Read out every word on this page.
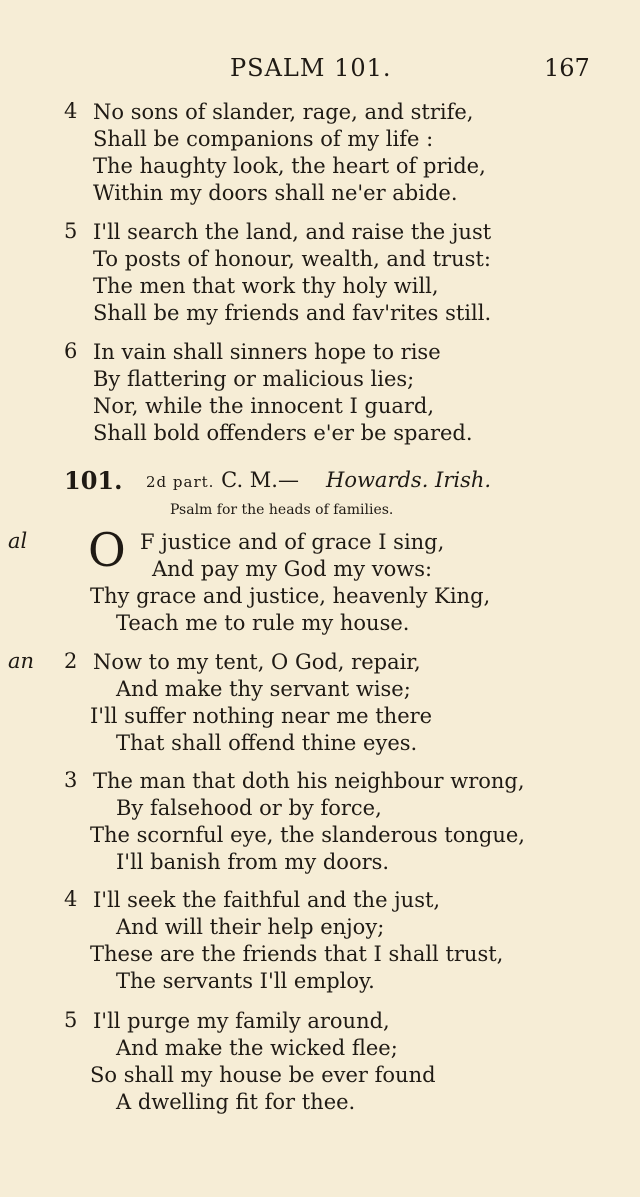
PSALM 101.	167
4 No sons of slander, rage, and strife,
Shall be companions of my life :
The haughty look, the heart of pride,
Within my doors shall ne'er abide.
5 I'll search the land, and raise the just
To posts of honour, wealth, and trust:
The men that work thy holy will,
Shall be my friends and fav'rites still.
6 In vain shall sinners hope to rise
By flattering or malicious lies;
Nor, while the innocent I guard,
Shall bold offenders e'er be spared.
101. 2d part. C. M.— Howards. Irish.
Psalm for the heads of families.
al
an
O F justice and of grace I sing,
And pay my God my vows:
Thy grace and justice, heavenly King,
Teach me to rule my house.
2 Now to my tent, O God, repair,
And make thy servant wise;
I'll suffer nothing near me there
That shall offend thine eyes.
3 The man that doth his neighbour wrong,
By falsehood or by force,
The scornful eye, the slanderous tongue,
I'll banish from my doors.
4 I'll seek the faithful and the just,
And will their help enjoy;
These are the friends that I shall trust,
The servants I'll employ.
5 I'll purge my family around,
And make the wicked flee;
So shall my house be ever found
A dwelling fit for thee.
